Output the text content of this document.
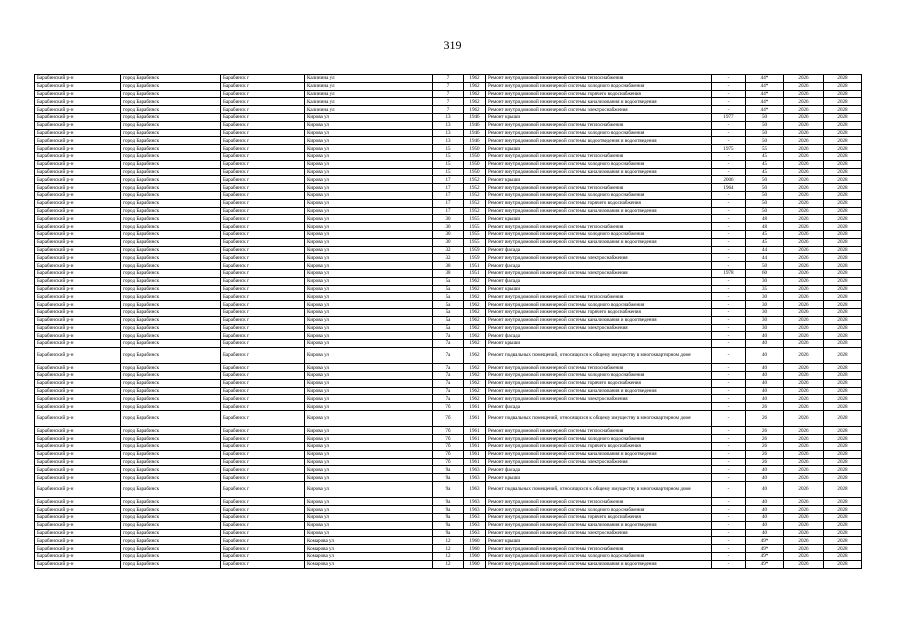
319
Барабинский р-н	город Барабинск	Барабинск г	Калинина ул	7	1962	Ремонт внутридомовой инженерной системы теплоснабжения	-	44*	2026	2028
Барабинский р-н	город Барабинск	Барабинск г	Калинина ул	7	1962	Ремонт внутридомовой инженерной системы холодного водоснабжения	-	44*	2026	2028
Барабинский р-н	город Барабинск	Барабинск г	Калинина ул	7	1962	Ремонт внутридомовой инженерной системы горячего водоснабжения	-	44*	2026	2028
Барабинский р-н	город Барабинск	Барабинск г	Калинина ул	7	1962	Ремонт внутридомовой инженерной системы канализования и водоотведения	-	44*	2026	2028
Барабинский р-н	город Барабинск	Барабинск г	Калинина ул	7	1962	Ремонт внутридомовой инженерной системы электроснабжения	-	44*	2026	2028
Барабинский р-н	город Барабинск	Барабинск г	Кирова ул	13	1946	Ремонт крыши	1977	50	2026	2028
Барабинский р-н	город Барабинск	Барабинск г	Кирова ул	13	1946	Ремонт внутридомовой инженерной системы теплоснабжения	-	50	2026	2028
Барабинский р-н	город Барабинск	Барабинск г	Кирова ул	13	1946	Ремонт внутридомовой инженерной системы холодного водоснабжения	-	50	2026	2028
Барабинский р-н	город Барабинск	Барабинск г	Кирова ул	13	1946	Ремонт внутридомовой инженерной системы водоотведения и водоотведения	-	50	2026	2028
Барабинский р-н	город Барабинск	Барабинск г	Кирова ул	15	1950	Ремонт крыши	1975	55	2026	2028
Барабинский р-н	город Барабинск	Барабинск г	Кирова ул	15	1950	Ремонт внутридомовой инженерной системы теплоснабжения	-	45	2026	2028
Барабинский р-н	город Барабинск	Барабинск г	Кирова ул	15	1950	Ремонт внутридомовой инженерной системы холодного водоснабжения	-	45	2026	2028
Барабинский р-н	город Барабинск	Барабинск г	Кирова ул	15	1950	Ремонт внутридомовой инженерной системы канализования и водоотведения	-	45	2026	2028
Барабинский р-н	город Барабинск	Барабинск г	Кирова ул	17	1952	Ремонт крыши	2006	50	2026	2028
Барабинский р-н	город Барабинск	Барабинск г	Кирова ул	17	1952	Ремонт внутридомовой инженерной системы теплоснабжения	1964	50	2026	2028
Барабинский р-н	город Барабинск	Барабинск г	Кирова ул	17	1952	Ремонт внутридомовой инженерной системы холодного водоснабжения	-	50	2026	2028
Барабинский р-н	город Барабинск	Барабинск г	Кирова ул	17	1952	Ремонт внутридомовой инженерной системы горячего водоснабжения	-	50	2026	2028
Барабинский р-н	город Барабинск	Барабинск г	Кирова ул	17	1952	Ремонт внутридомовой инженерной системы канализования и водоотведения	-	50	2026	2028
Барабинский р-н	город Барабинск	Барабинск г	Кирова ул	30	1955	Ремонт крыши	-	48	2026	2028
Барабинский р-н	город Барабинск	Барабинск г	Кирова ул	30	1955	Ремонт внутридомовой инженерной системы теплоснабжения	-	48	2026	2028
Барабинский р-н	город Барабинск	Барабинск г	Кирова ул	30	1955	Ремонт внутридомовой инженерной системы холодного водоснабжения	-	45	2026	2028
Барабинский р-н	город Барабинск	Барабинск г	Кирова ул	30	1955	Ремонт внутридомовой инженерной системы канализования и водоотведения	-	45	2026	2028
Барабинский р-н	город Барабинск	Барабинск г	Кирова ул	32	1959	Ремонт фасада	-	44	2026	2028
Барабинский р-н	город Барабинск	Барабинск г	Кирова ул	32	1959	Ремонт внутридомовой инженерной системы электроснабжения	-	44	2026	2028
Барабинский р-н	город Барабинск	Барабинск г	Кирова ул	38	1951	Ремонт фасада	-	50	2026	2028
Барабинский р-н	город Барабинск	Барабинск г	Кирова ул	38	1951	Ремонт внутридомовой инженерной системы электроснабжения	1978	60	2026	2028
Барабинский р-н	город Барабинск	Барабинск г	Кирова ул	5а	1962	Ремонт фасада	-	30	2026	2028
Барабинский р-н	город Барабинск	Барабинск г	Кирова ул	5а	1962	Ремонт крыши	-	35	2026	2028
Барабинский р-н	город Барабинск	Барабинск г	Кирова ул	5а	1962	Ремонт внутридомовой инженерной системы теплоснабжения	-	30	2026	2028
Барабинский р-н	город Барабинск	Барабинск г	Кирова ул	5а	1962	Ремонт внутридомовой инженерной системы холодного водоснабжения	-	30	2026	2028
Барабинский р-н	город Барабинск	Барабинск г	Кирова ул	5а	1962	Ремонт внутридомовой инженерной системы горячего водоснабжения	-	30	2026	2028
Барабинский р-н	город Барабинск	Барабинск г	Кирова ул	5а	1962	Ремонт внутридомовой инженерной системы канализования и водоотведения	-	30	2026	2028
Барабинский р-н	город Барабинск	Барабинск г	Кирова ул	5а	1962	Ремонт внутридомовой инженерной системы электроснабжения	-	30	2026	2028
Барабинский р-н	город Барабинск	Барабинск г	Кирова ул	7а	1962	Ремонт фасада	-	40	2026	2028
Барабинский р-н	город Барабинск	Барабинск г	Кирова ул	7а	1962	Ремонт крыши	-	40	2026	2028
Барабинский р-н	город Барабинск	Барабинск г	Кирова ул	7а	1962	Ремонт подвальных помещений, относящихся к общему имуществу в многоквартирном доме	-	40	2026	2028
Барабинский р-н	город Барабинск	Барабинск г	Кирова ул	7а	1962	Ремонт внутридомовой инженерной системы теплоснабжения	-	40	2026	2028
Барабинский р-н	город Барабинск	Барабинск г	Кирова ул	7а	1962	Ремонт внутридомовой инженерной системы холодного водоснабжения	-	40	2026	2028
Барабинский р-н	город Барабинск	Барабинск г	Кирова ул	7а	1962	Ремонт внутридомовой инженерной системы горячего водоснабжения	-	40	2026	2028
Барабинский р-н	город Барабинск	Барабинск г	Кирова ул	7а	1962	Ремонт внутридомовой инженерной системы канализования и водоотведения	-	40	2026	2028
Барабинский р-н	город Барабинск	Барабинск г	Кирова ул	7а	1962	Ремонт внутридомовой инженерной системы электроснабжения	-	40	2026	2028
Барабинский р-н	город Барабинск	Барабинск г	Кирова ул	7б	1961	Ремонт фасада	-	26	2026	2028
Барабинский р-н	город Барабинск	Барабинск г	Кирова ул	7б	1961	Ремонт подвальных помещений, относящихся к общему имуществу в многоквартирном доме	-	26	2026	2028
Барабинский р-н	город Барабинск	Барабинск г	Кирова ул	7б	1961	Ремонт внутридомовой инженерной системы теплоснабжения	-	26	2026	2028
Барабинский р-н	город Барабинск	Барабинск г	Кирова ул	7б	1961	Ремонт внутридомовой инженерной системы холодного водоснабжения	-	26	2026	2028
Барабинский р-н	город Барабинск	Барабинск г	Кирова ул	7б	1961	Ремонт внутридомовой инженерной системы горячего водоснабжения	-	26	2026	2028
Барабинский р-н	город Барабинск	Барабинск г	Кирова ул	7б	1961	Ремонт внутридомовой инженерной системы канализования и водоотведения	-	26	2026	2028
Барабинский р-н	город Барабинск	Барабинск г	Кирова ул	7б	1961	Ремонт внутридомовой инженерной системы электроснабжения	-	26	2026	2028
Барабинский р-н	город Барабинск	Барабинск г	Кирова ул	9а	1963	Ремонт фасада	-	40	2026	2028
Барабинский р-н	город Барабинск	Барабинск г	Кирова ул	9а	1963	Ремонт крыши	-	40	2026	2028
Барабинский р-н	город Барабинск	Барабинск г	Кирова ул	9а	1963	Ремонт подвальных помещений, относящихся к общему имуществу в многоквартирном доме	-	40	2026	2028
Барабинский р-н	город Барабинск	Барабинск г	Кирова ул	9а	1963	Ремонт внутридомовой инженерной системы теплоснабжения	-	40	2026	2028
Барабинский р-н	город Барабинск	Барабинск г	Кирова ул	9а	1963	Ремонт внутридомовой инженерной системы холодного водоснабжения	-	40	2026	2028
Барабинский р-н	город Барабинск	Барабинск г	Кирова ул	9а	1963	Ремонт внутридомовой инженерной системы горячего водоснабжения	-	40	2026	2028
Барабинский р-н	город Барабинск	Барабинск г	Кирова ул	9а	1963	Ремонт внутридомовой инженерной системы канализования и водоотведения	-	40	2026	2028
Барабинский р-н	город Барабинск	Барабинск г	Кирова ул	9а	1963	Ремонт внутридомовой инженерной системы электроснабжения	-	40	2026	2028
Барабинский р-н	город Барабинск	Барабинск г	Комарова ул	12	1960	Ремонт крыши	-	49*	2026	2028
Барабинский р-н	город Барабинск	Барабинск г	Комарова ул	12	1960	Ремонт внутридомовой инженерной системы теплоснабжения	-	49*	2026	2028
Барабинский р-н	город Барабинск	Барабинск г	Комарова ул	12	1960	Ремонт внутридомовой инженерной системы холодного водоснабжения	-	49*	2026	2028
Барабинский р-н	город Барабинск	Барабинск г	Комарова ул	12	1960	Ремонт внутридомовой инженерной системы канализования и водоотведения	-	49*	2026	2028
